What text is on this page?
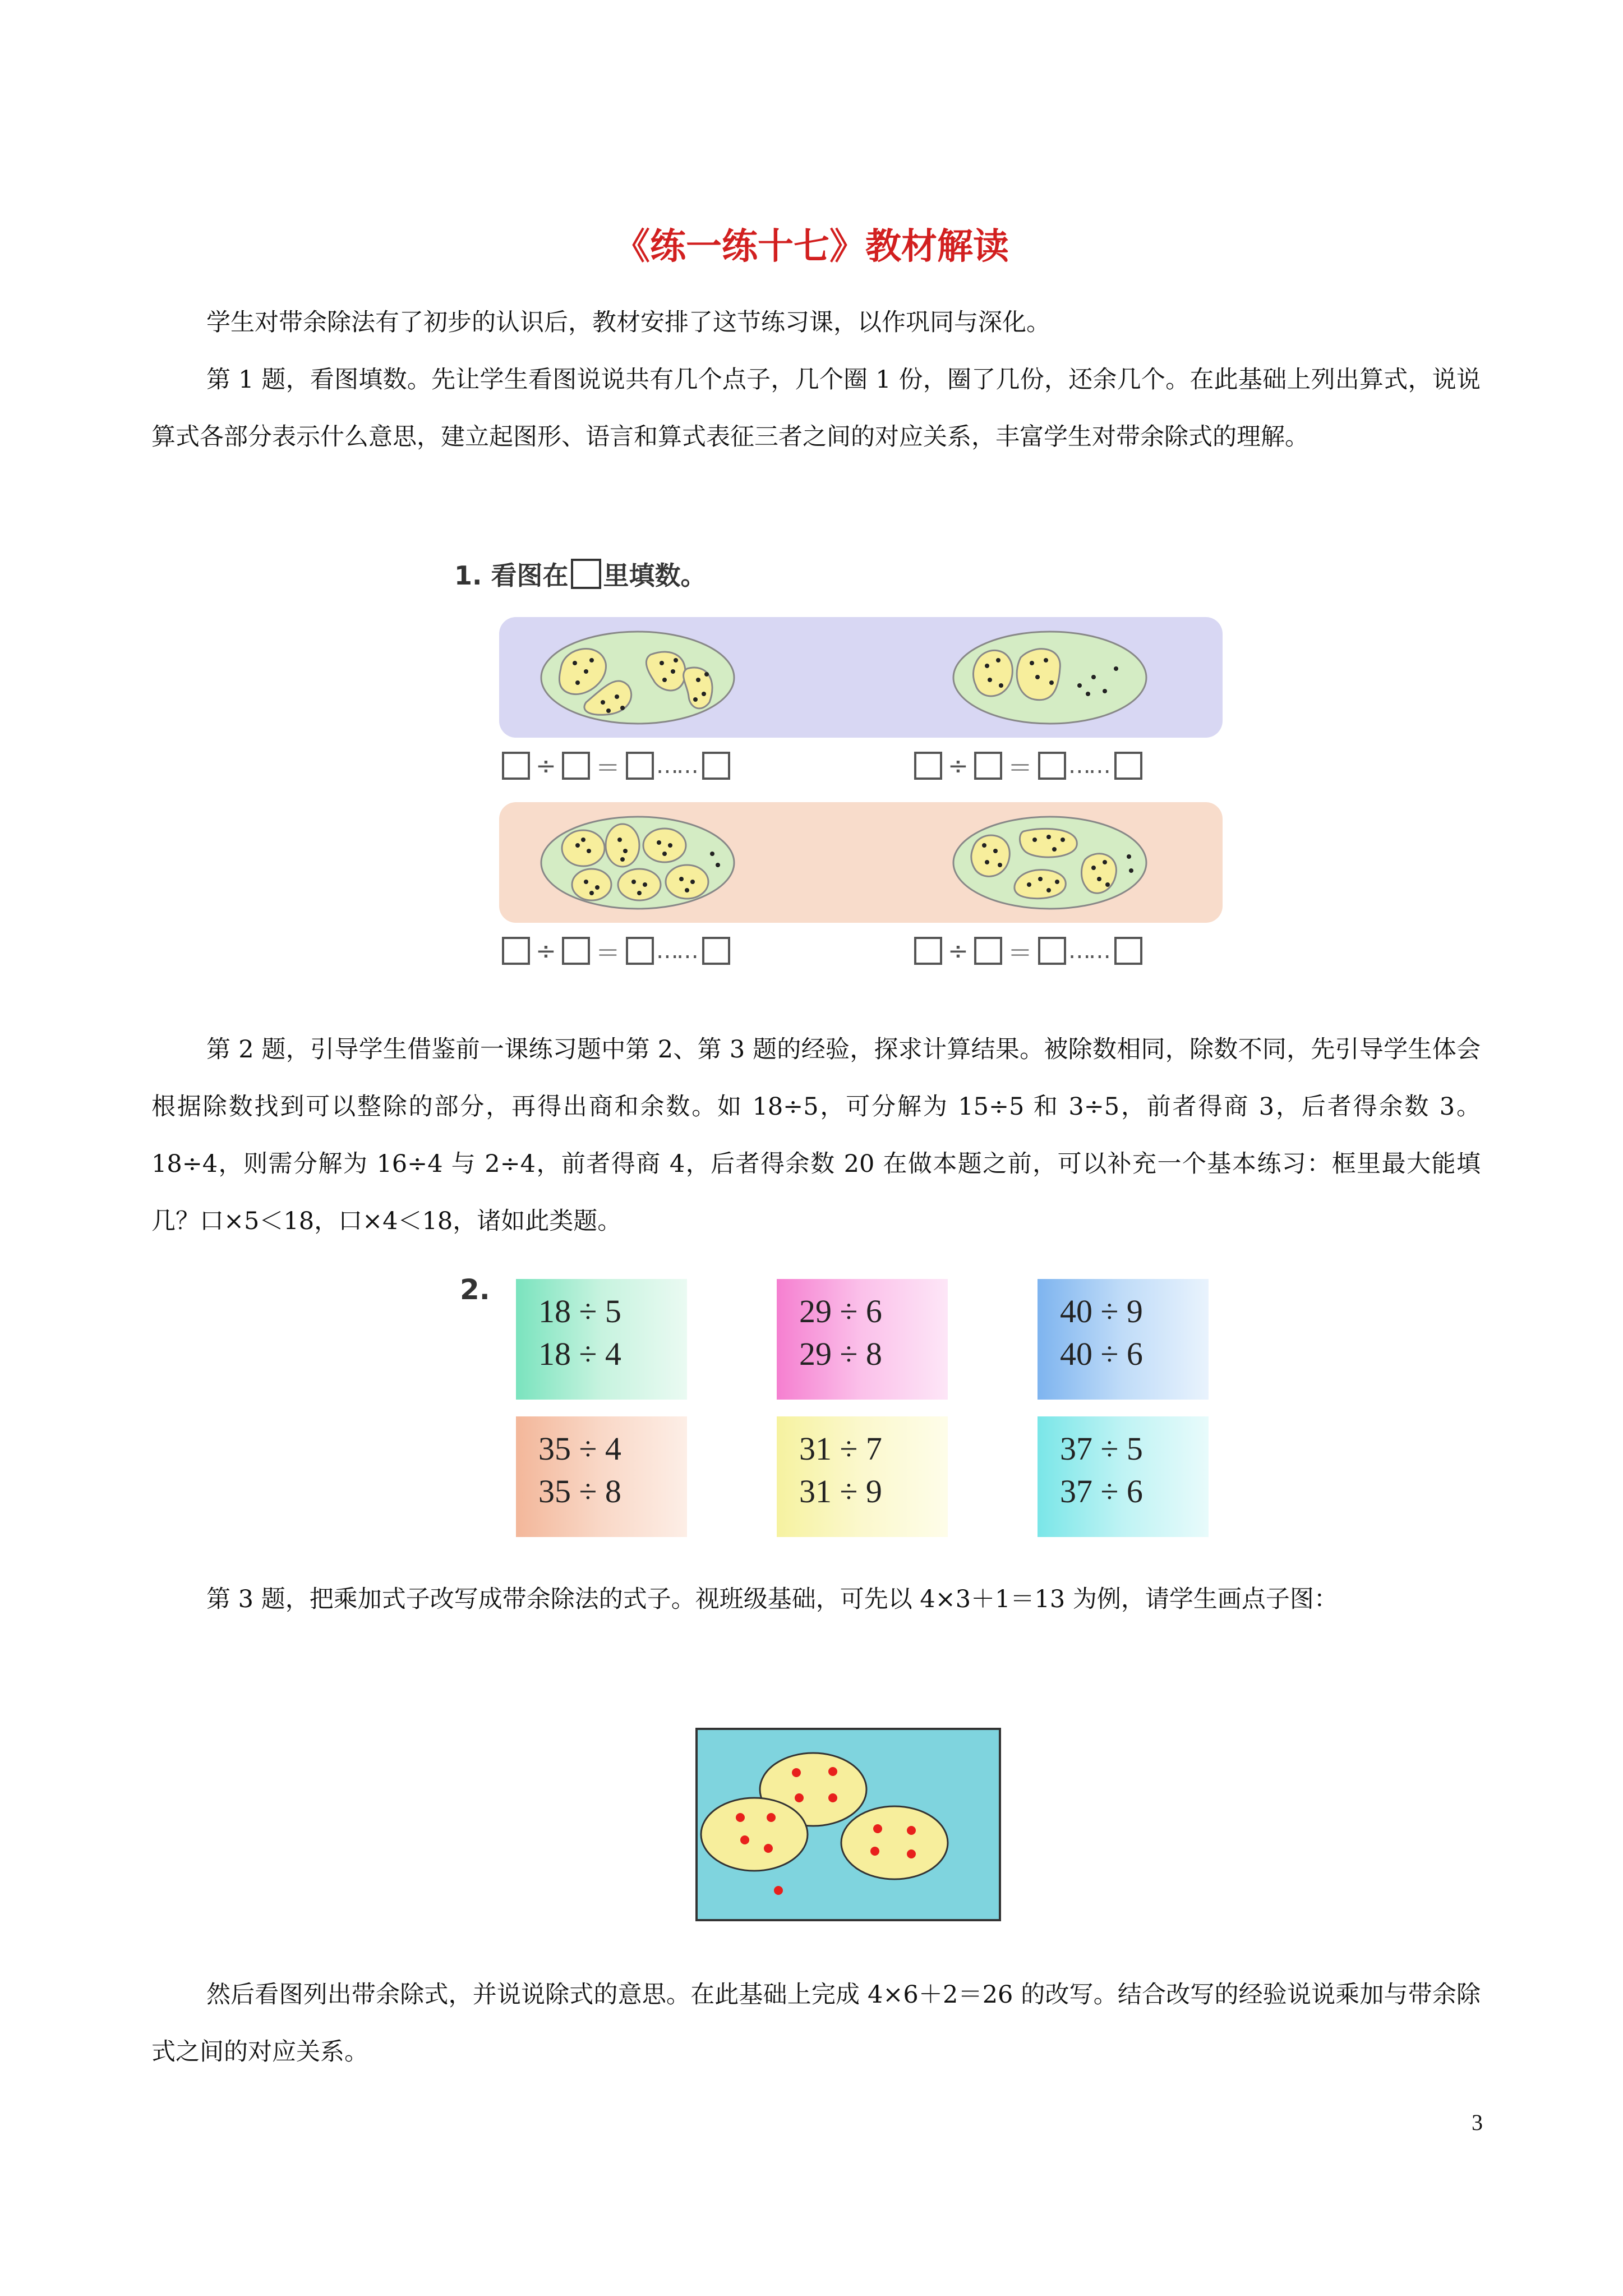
《练一练十七》教材解读

学生对带余除法有了初步的认识后，教材安排了这节练习课，以作巩同与深化。

第 1 题，看图填数。先让学生看图说说共有几个点子，几个圈 1 份，圈了几份，还余几个。在此基础上列出算式，说说算式各部分表示什么意思，建立起图形、语言和算式表征三者之间的对应关系，丰富学生对带余除式的理解。

1. 看图在 里填数。
÷ ＝ ……	÷ ＝ ……
÷ ＝ ……	÷ ＝ ……

第 2 题，引导学生借鉴前一课练习题中第 2、第 3 题的经验，探求计算结果。被除数相同，除数不同，先引导学生体会根据除数找到可以整除的部分，再得出商和余数。如 18÷5，可分解为 15÷5 和 3÷5，前者得商 3，后者得余数 3。18÷4，则需分解为 16÷4 与 2÷4，前者得商 4，后者得余数 20 在做本题之前，可以补充一个基本练习：框里最大能填几？口×5＜18，口×4＜18，诸如此类题。

2.
18 ÷ 5
18 ÷ 4
29 ÷ 6
29 ÷ 8
40 ÷ 9
40 ÷ 6
35 ÷ 4
35 ÷ 8
31 ÷ 7
31 ÷ 9
37 ÷ 5
37 ÷ 6

第 3 题，把乘加式子改写成带余除法的式子。视班级基础，可先以 4×3＋1＝13 为例，请学生画点子图：

然后看图列出带余除式，并说说除式的意思。在此基础上完成 4×6＋2＝26 的改写。结合改写的经验说说乘加与带余除式之间的对应关系。

3
